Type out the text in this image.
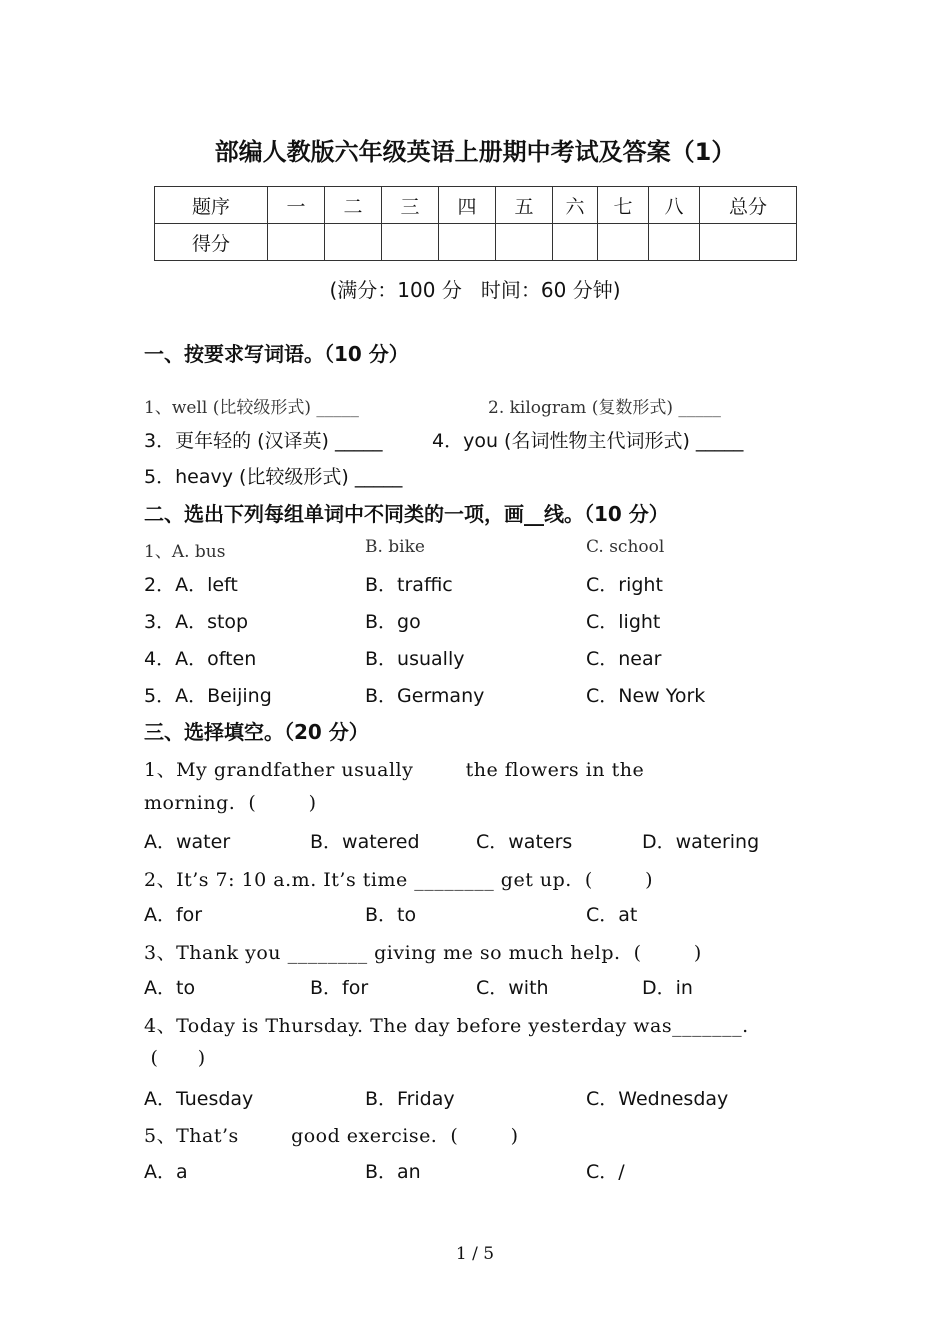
部编人教版六年级英语上册期中考试及答案（1）
题序	一	二	三	四	五	六	七	八	总分
得分									
(满分：100 分   时间：60 分钟)
一、按要求写词语。（10 分）
1、well (比较级形式) _____	2. kilogram (复数形式) _____
3．更年轻的 (汉译英) _____	4．you (名词性物主代词形式) _____
5．heavy (比较级形式) _____
二、选出下列每组单词中不同类的一项，画__线。（10 分）
1、A. bus	B. bike	C. school
2．A．left	B．traffic	C．right
3．A．stop	B．go	C．light
4．A．often	B．usually	C．near
5．A．Beijing	B．Germany	C．New York
三、选择填空。（20 分）
1、My grandfather usually        the flowers in the
morning.  (        )
A．water	B．watered	C．waters	D．watering
2、It’s 7: 10 a.m. It’s time ________ get up.  (        )
A．for	B．to	C．at
3、Thank you ________ giving me so much help.  (        )
A．to	B．for	C．with	D．in
4、Today is Thursday. The day before yesterday was_______.
(      )
A．Tuesday	B．Friday	C．Wednesday
5、That’s        good exercise.  (        )
A．a	B．an	C．/
1 / 5
